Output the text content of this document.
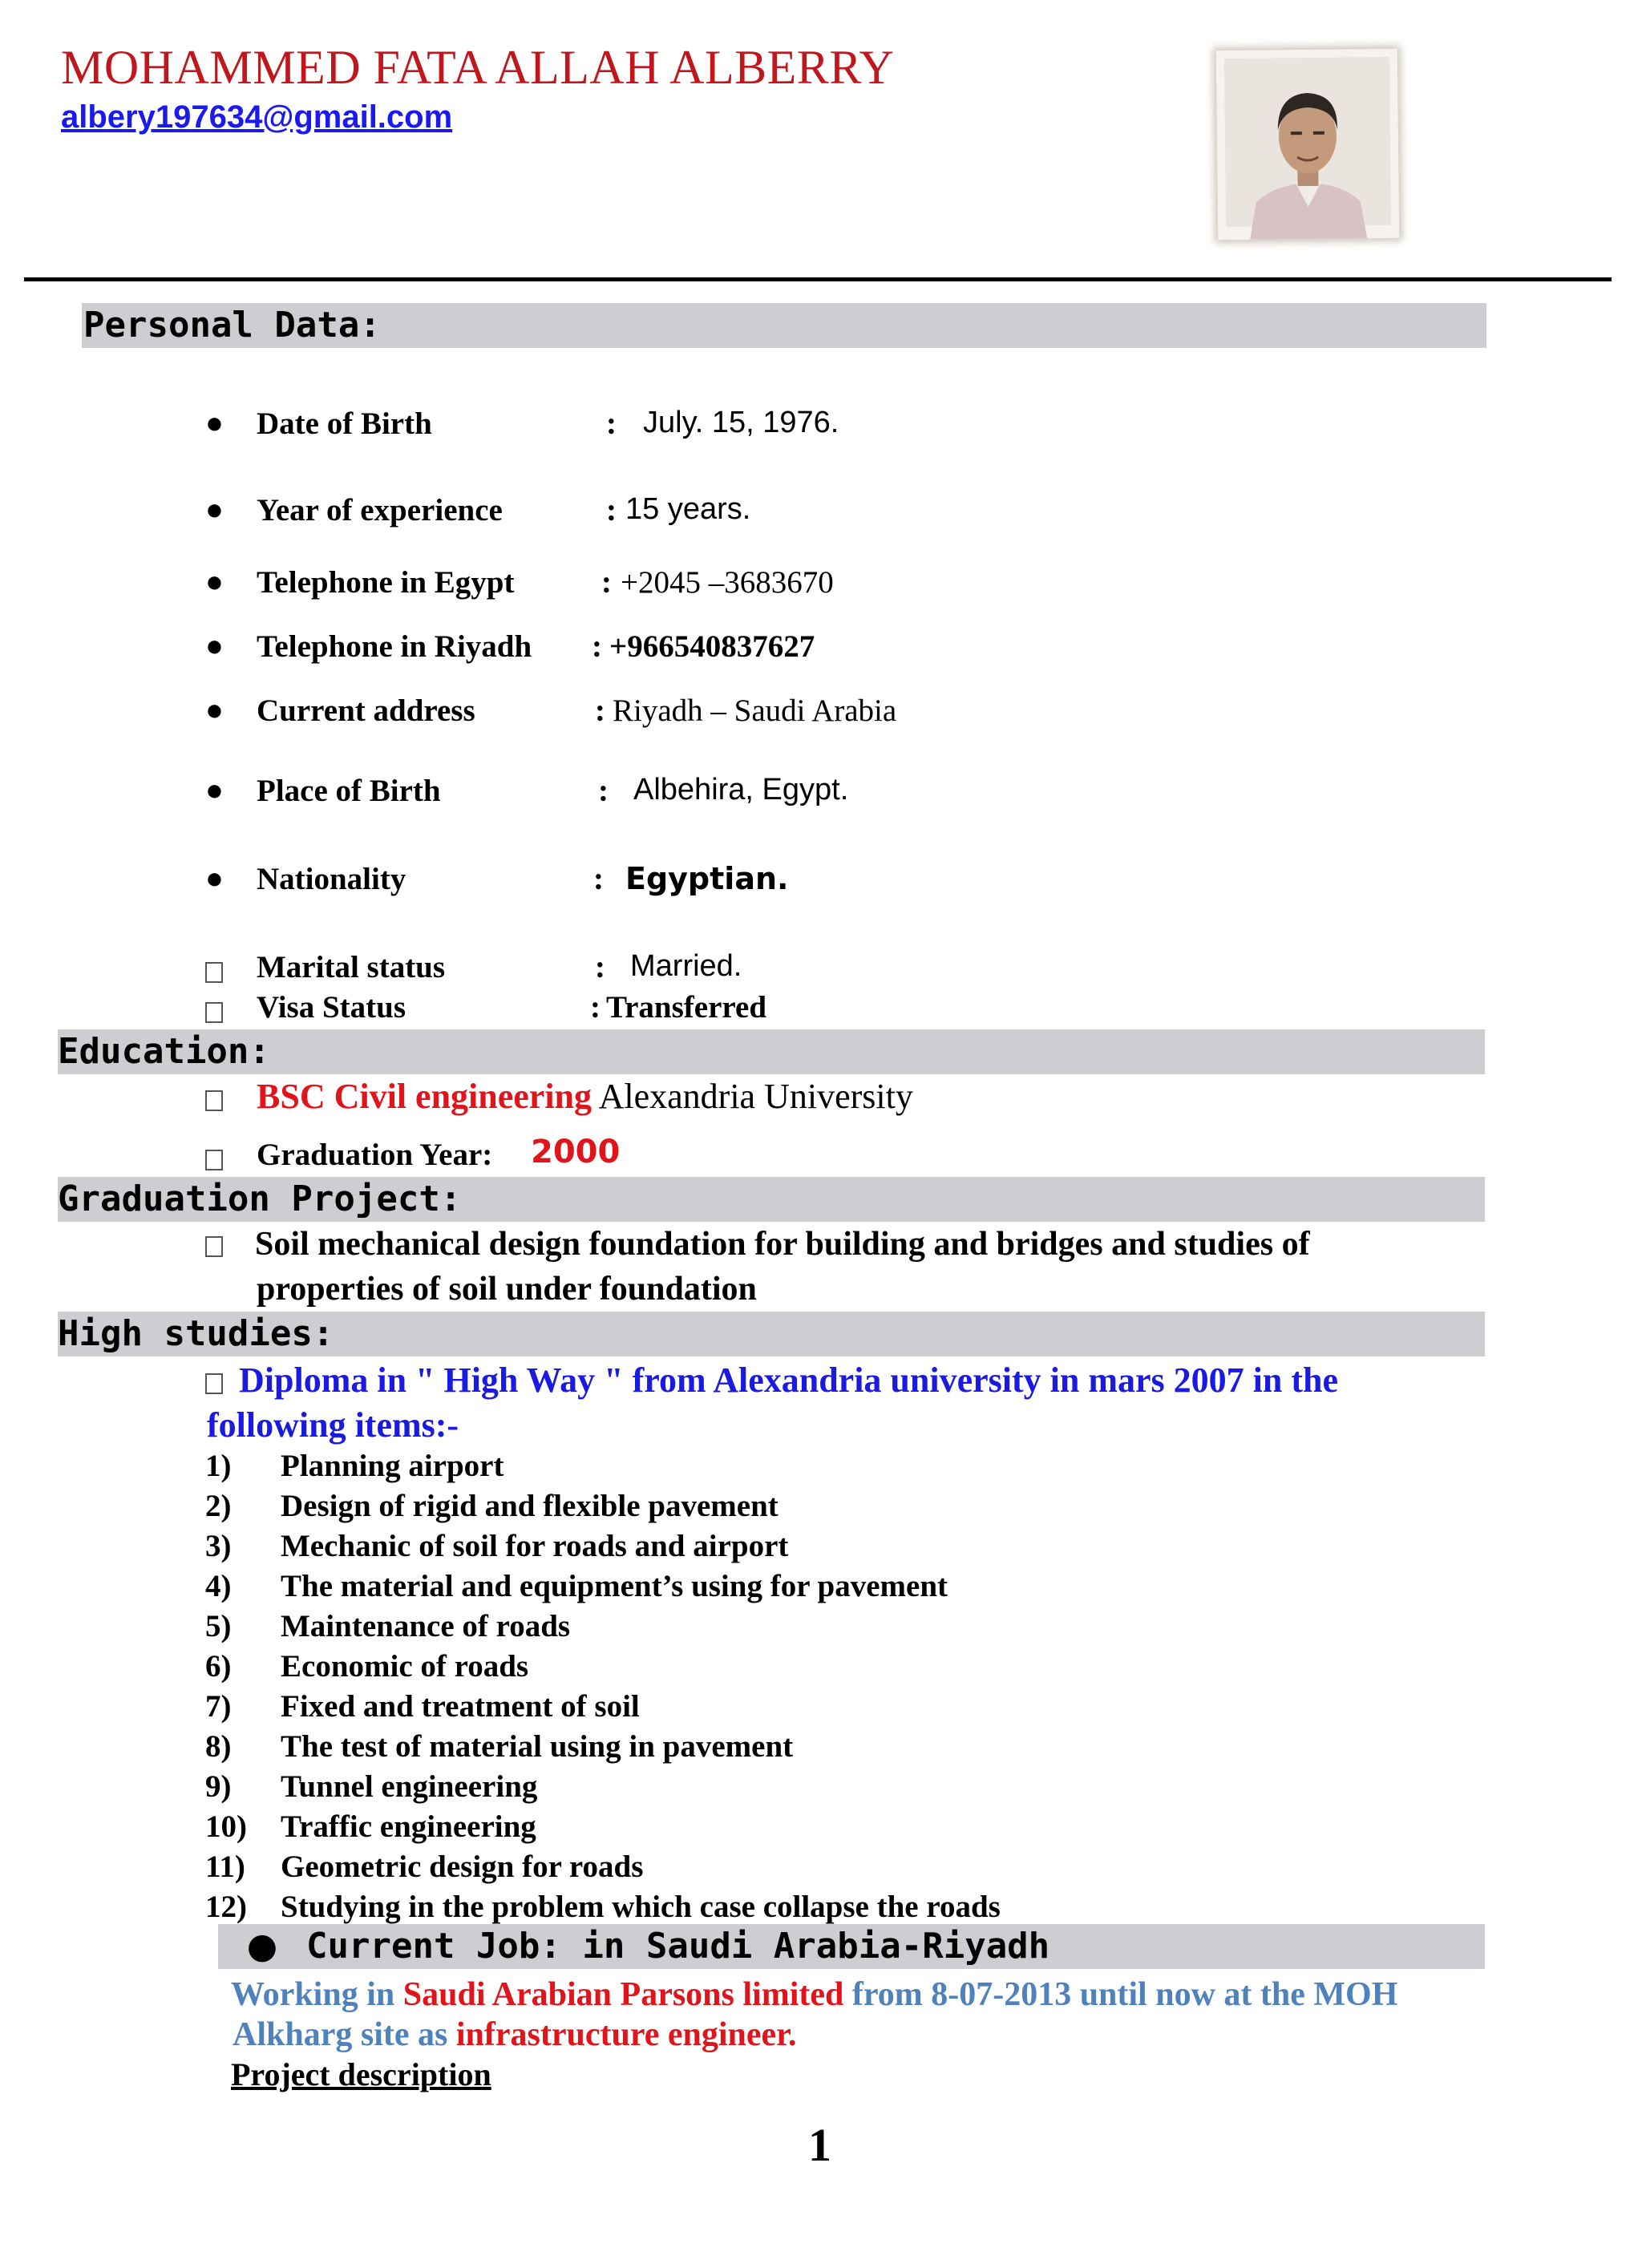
MOHAMMED FATA ALLAH ALBERRY
albery197634@gmail.com
Personal Data:
● Date of Birth	: July. 15, 1976.
● Year of experience	: 15 years.
● Telephone in Egypt	: +2045 –3683670
● Telephone in Riyadh : +966540837627
● Current address	: Riyadh – Saudi Arabia
● Place of Birth	: Albehira, Egypt.
● Nationality	: Egyptian.
Marital status	: Married.
Visa Status	: Transferred
Education:
BSC Civil engineering Alexandria University
Graduation Year: 2000
Graduation Project:
Soil mechanical design foundation for building and bridges and studies of
properties of soil under foundation
High studies:
Diploma in " High Way " from Alexandria university in mars 2007 in the
following items:-
1) Planning airport
2) Design of rigid and flexible pavement
3) Mechanic of soil for roads and airport
4) The material and equipment’s using for pavement
5) Maintenance of roads
6) Economic of roads
7) Fixed and treatment of soil
8) The test of material using in pavement
9) Tunnel engineering
10) Traffic engineering
11) Geometric design for roads
12) Studying in the problem which case collapse the roads
● Current Job: in Saudi Arabia-Riyadh
Working in Saudi Arabian Parsons limited from 8-07-2013 until now at the MOH
Alkharg site as infrastructure engineer.
Project description
1
